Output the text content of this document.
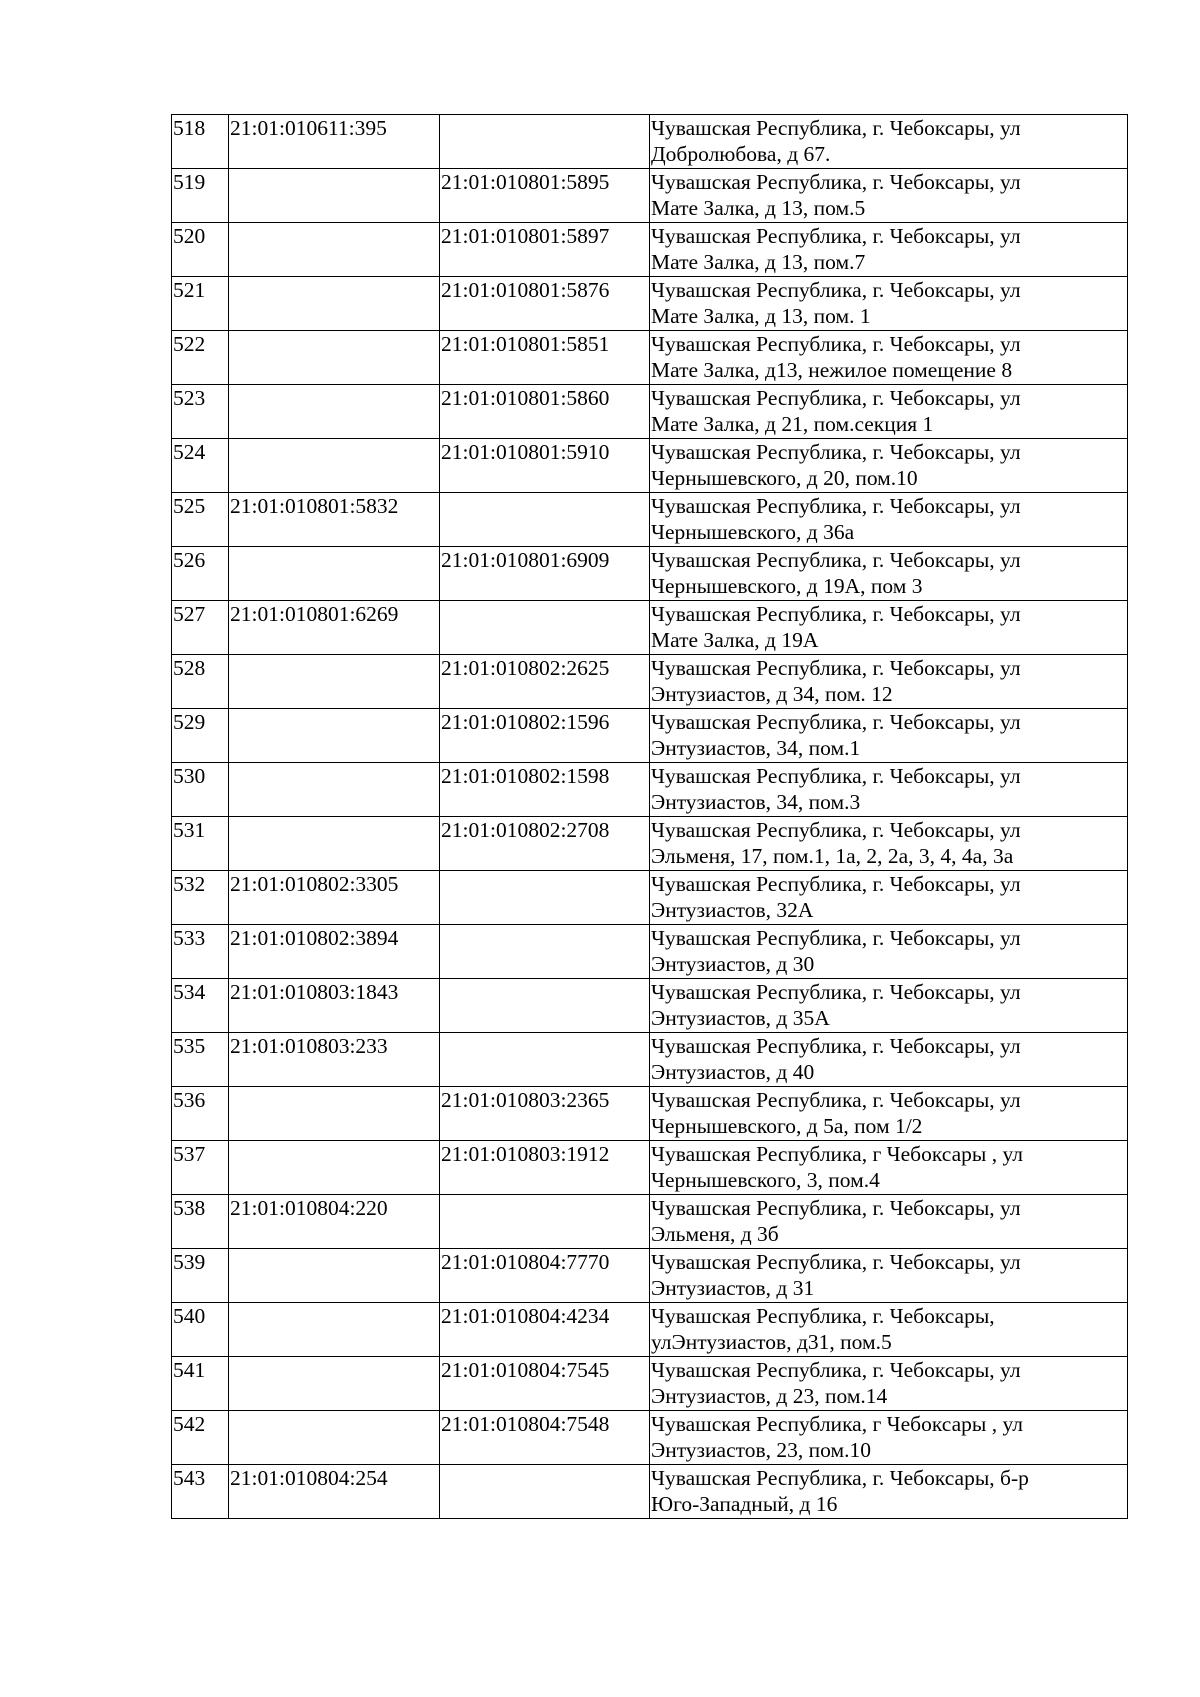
518	21:01:010611:395		Чувашская Республика, г. Чебоксары, ул
Добролюбова, д 67.

519		21:01:010801:5895	Чувашская Республика, г. Чебоксары, ул
Мате Залка, д 13, пом.5

520		21:01:010801:5897	Чувашская Республика, г. Чебоксары, ул
Мате Залка, д 13, пом.7

521		21:01:010801:5876	Чувашская Республика, г. Чебоксары, ул
Мате Залка, д 13, пом. 1

522		21:01:010801:5851	Чувашская Республика, г. Чебоксары, ул
Мате Залка, д13, нежилое помещение 8

523		21:01:010801:5860	Чувашская Республика, г. Чебоксары, ул
Мате Залка, д 21, пом.секция 1

524		21:01:010801:5910	Чувашская Республика, г. Чебоксары, ул
Чернышевского, д 20, пом.10

525	21:01:010801:5832		Чувашская Республика, г. Чебоксары, ул
Чернышевского, д 36а

526		21:01:010801:6909	Чувашская Республика, г. Чебоксары, ул
Чернышевского, д 19А, пом 3

527	21:01:010801:6269		Чувашская Республика, г. Чебоксары, ул
Мате Залка, д 19А

528		21:01:010802:2625	Чувашская Республика, г. Чебоксары, ул
Энтузиастов, д 34, пом. 12

529		21:01:010802:1596	Чувашская Республика, г. Чебоксары, ул
Энтузиастов, 34, пом.1

530		21:01:010802:1598	Чувашская Республика, г. Чебоксары, ул
Энтузиастов, 34, пом.3

531		21:01:010802:2708	Чувашская Республика, г. Чебоксары, ул
Эльменя, 17, пом.1, 1а, 2, 2а, 3, 4, 4а, 3а

532	21:01:010802:3305		Чувашская Республика, г. Чебоксары, ул
Энтузиастов, 32А

533	21:01:010802:3894		Чувашская Республика, г. Чебоксары, ул
Энтузиастов, д 30

534	21:01:010803:1843		Чувашская Республика, г. Чебоксары, ул
Энтузиастов, д 35А

535	21:01:010803:233		Чувашская Республика, г. Чебоксары, ул
Энтузиастов, д 40

536		21:01:010803:2365	Чувашская Республика, г. Чебоксары, ул
Чернышевского, д 5а, пом 1/2

537		21:01:010803:1912	Чувашская Республика, г Чебоксары , ул
Чернышевского, 3, пом.4

538	21:01:010804:220		Чувашская Республика, г. Чебоксары, ул
Эльменя, д 3б

539		21:01:010804:7770	Чувашская Республика, г. Чебоксары, ул
Энтузиастов, д 31

540		21:01:010804:4234	Чувашская Республика, г. Чебоксары,
улЭнтузиастов, д31, пом.5

541		21:01:010804:7545	Чувашская Республика, г. Чебоксары, ул
Энтузиастов, д 23, пом.14

542		21:01:010804:7548	Чувашская Республика, г Чебоксары , ул
Энтузиастов, 23, пом.10

543	21:01:010804:254		Чувашская Республика, г. Чебоксары, б-р
Юго-Западный, д 16
